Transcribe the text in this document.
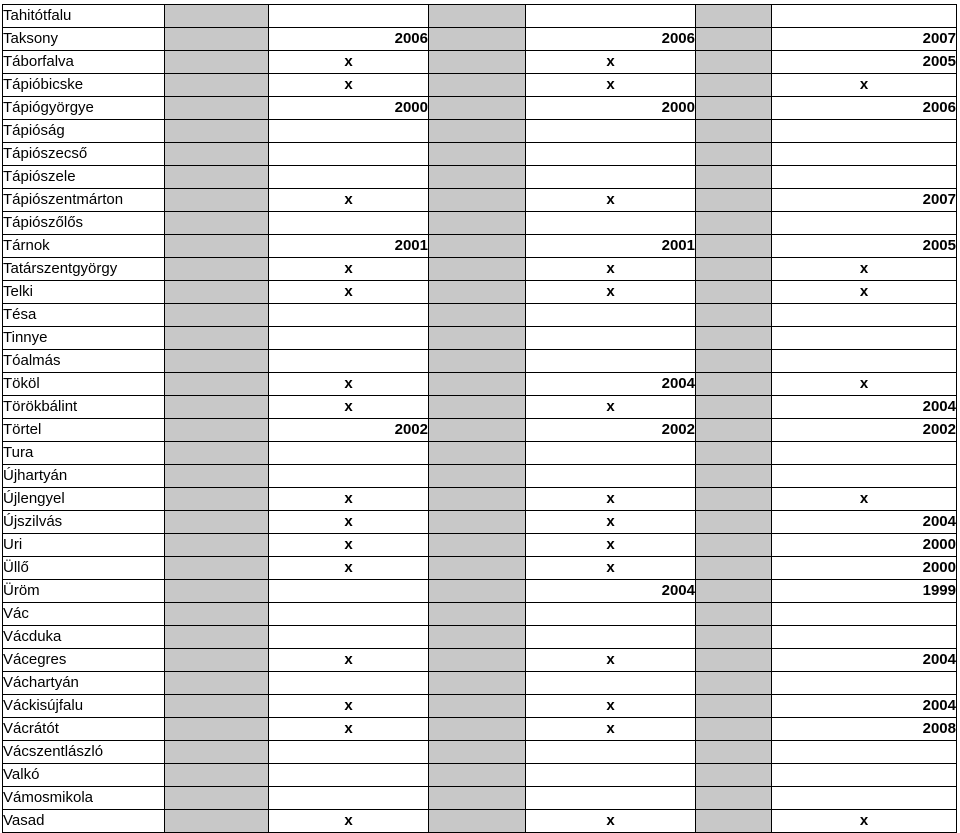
Tahitótfalu						
Taksony		2006		2006		2007
Táborfalva		x		x		2005
Tápióbicske		x		x		x
Tápiógyörgye		2000		2000		2006
Tápióság						
Tápiószecső						
Tápiószele						
Tápiószentmárton		x		x		2007
Tápiószőlős						
Tárnok		2001		2001		2005
Tatárszentgyörgy		x		x		x
Telki		x		x		x
Tésa						
Tinnye						
Tóalmás						
Tököl		x		2004		x
Törökbálint		x		x		2004
Törtel		2002		2002		2002
Tura						
Újhartyán						
Újlengyel		x		x		x
Újszilvás		x		x		2004
Uri		x		x		2000
Üllő		x		x		2000
Üröm				2004		1999
Vác						
Vácduka						
Vácegres		x		x		2004
Váchartyán						
Váckisújfalu		x		x		2004
Vácrátót		x		x		2008
Vácszentlászló						
Valkó						
Vámosmikola						
Vasad		x		x		x
